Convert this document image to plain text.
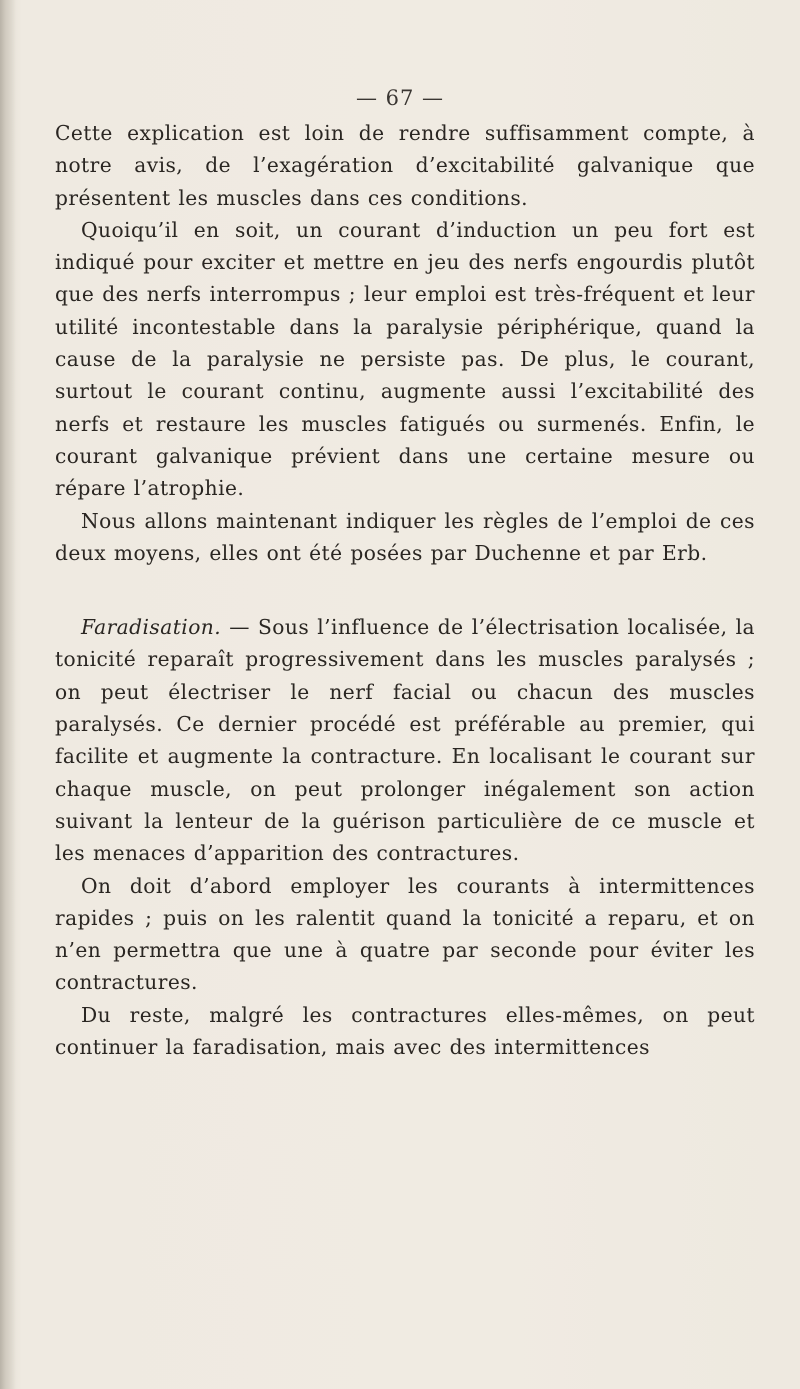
— 67 —

Cette explication est loin de rendre suffisamment compte, à notre avis, de l’exagération d’excitabilité galvanique que présentent les muscles dans ces conditions.

Quoiqu’il en soit, un courant d’induction un peu fort est indiqué pour exciter et mettre en jeu des nerfs engourdis plutôt que des nerfs interrompus ; leur emploi est très-fréquent et leur utilité incontestable dans la paralysie périphérique, quand la cause de la paralysie ne persiste pas. De plus, le courant, surtout le courant continu, augmente aussi l’excitabilité des nerfs et restaure les muscles fatigués ou surmenés. Enfin, le courant galvanique prévient dans une certaine mesure ou répare l’atrophie.

Nous allons maintenant indiquer les règles de l’emploi de ces deux moyens, elles ont été posées par Duchenne et par Erb.

Faradisation. — Sous l’influence de l’électrisation localisée, la tonicité reparaît progressivement dans les muscles paralysés ; on peut électriser le nerf facial ou chacun des muscles paralysés. Ce dernier procédé est préférable au premier, qui facilite et augmente la contracture. En localisant le courant sur chaque muscle, on peut prolonger inégalement son action suivant la lenteur de la guérison particulière de ce muscle et les menaces d’apparition des contractures.

On doit d’abord employer les courants à intermittences rapides ; puis on les ralentit quand la tonicité a reparu, et on n’en permettra que une à quatre par seconde pour éviter les contractures.

Du reste, malgré les contractures elles-mêmes, on peut continuer la faradisation, mais avec des intermittences
